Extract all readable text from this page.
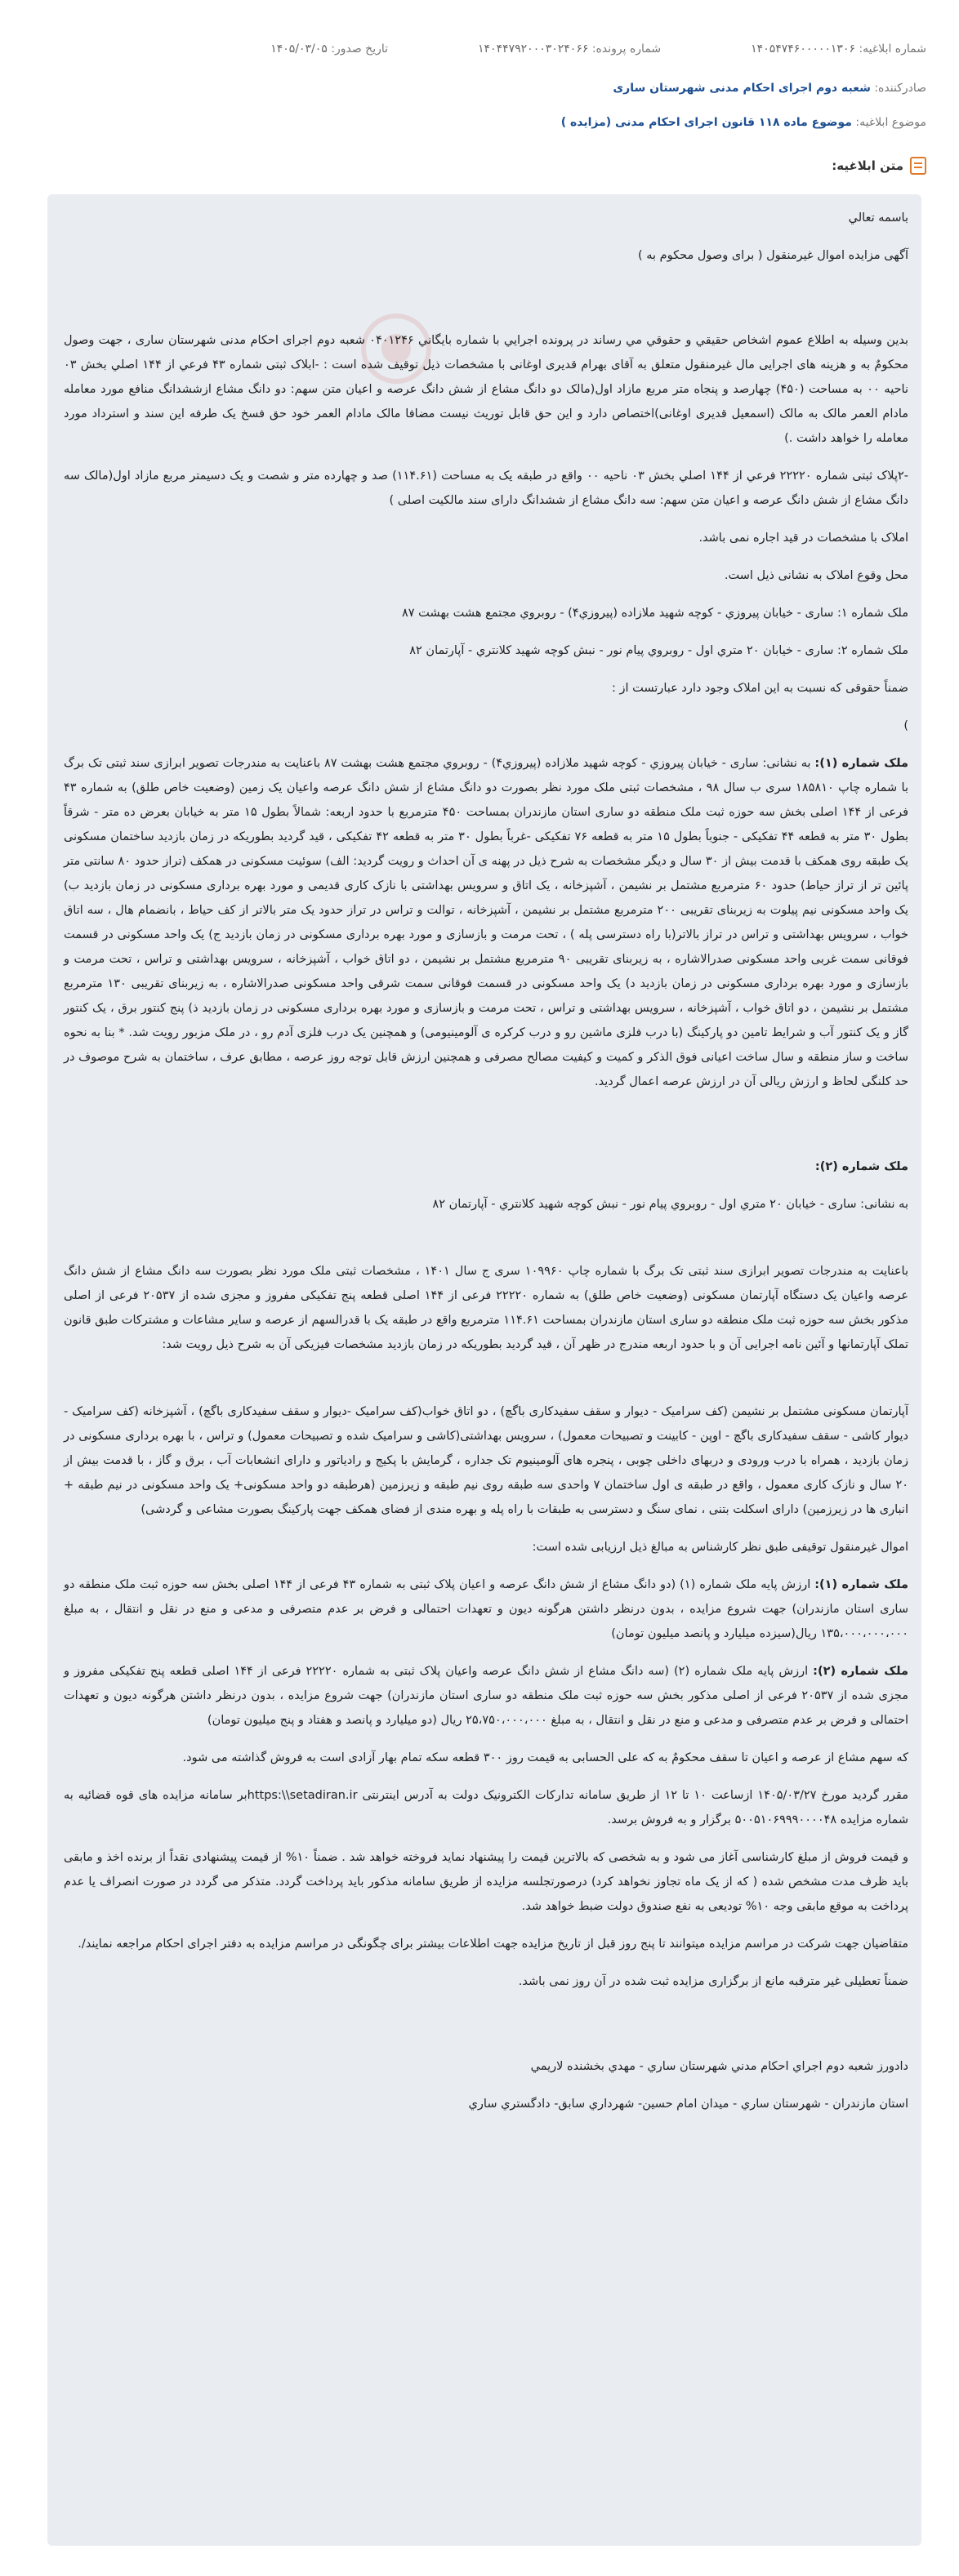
شماره ابلاغیه: ۱۴۰۵۴۷۴۶۰۰۰۰۰۱۳۰۶
شماره پرونده: ۱۴۰۴۴۷۹۲۰۰۰۳۰۲۴۰۶۶
تاریخ صدور: ۱۴۰۵/۰۳/۰۵
صادرکننده:

شعبه دوم اجرای احکام مدنی شهرستان ساری
موضوع ابلاغیه:

موضوع ماده ۱۱۸ قانون اجرای احکام مدنی (مزایده )
متن ابلاغیه:

باسمه تعالي

آگهی مزایده اموال غیرمنقول ( برای وصول محکوم به )

بدين وسيله به اطلاع عموم اشخاص حقيقي و حقوقي مي رساند در پرونده اجرايي با شماره بايگاني ۰۴۰۱۲۴۶ شعبه دوم اجرای احکام مدنی شهرستان ساری ، جهت وصول محکومٌ به و هزینه های اجرایی مال غیرمنقول متعلق به آقای بهرام قدیری اوغانی با مشخصات ذیل توقیف شده است : -ابلاک ثبتی شماره ۴۳ فرعي از ۱۴۴ اصلي بخش ۰۳ ناحيه ۰۰ به مساحت (۴۵۰) چهارصد و پنجاه متر مربع مازاد اول(مالک دو دانگ مشاع از شش دانگ عرصه و اعيان متن سهم: دو دانگ مشاع ازششدانگ منافع مورد معامله مادام العمر مالک به مالک (اسمعیل قدیری اوغانی)اختصاص دارد و این حق قابل توریث نیست مضافا مالک مادام العمر خود حق فسخ یک طرفه این سند و استرداد مورد معامله را خواهد داشت .)

-۲پلاک ثبتی شماره ۲۲۲۲۰ فرعي از ۱۴۴ اصلي بخش ۰۳ ناحيه ۰۰ واقع در طبقه يک به مساحت (۱۱۴.۶۱) صد و چهارده متر و شصت و یک دسیمتر مربع مازاد اول(مالک سه دانگ مشاع از شش دانگ عرصه و اعيان متن سهم: سه دانگ مشاع از ششدانگ دارای سند مالکیت اصلی )

املاک با مشخصات در قید اجاره نمی باشد.

محل وقوع املاک به نشانی ذیل است.

ملک شماره ۱: ساری - خيابان پيروزي - کوچه شهيد ملازاده (پيروزي۴) - روبروي مجتمع هشت بهشت ۸۷

ملک شماره ۲: ساری - خيابان ۲۰ متري اول - روبروي پيام نور - نبش کوچه شهيد کلانتري - آپارتمان ۸۲

ضمناً حقوقی که نسبت به این املاک وجود دارد عبارتست از :

)

ملک شماره (۱): به نشانی: ساری - خيابان پيروزي - کوچه شهيد ملازاده (پيروزي۴) - روبروي مجتمع هشت بهشت ۸۷ باعنایت به مندرجات تصویر ابرازی سند ثبتی تک برگ با شماره چاپ ۱۸۵۸۱۰ سری ب سال ۹۸ ، مشخصات ثبتی ملک مورد نظر بصورت دو دانگ مشاع از شش دانگ عرصه واعیان یک زمین (وضعیت خاص طلق) به شماره ۴۳ فرعی از ۱۴۴ اصلی بخش سه حوزه ثبت ملک منطقه دو ساری استان مازندران بمساحت ۴۵۰ مترمربع با حدود اربعه: شمالاً بطول ۱۵ متر به خیابان بعرض ده متر - شرقاً بطول ۳۰ متر به قطعه ۴۴ تفکیکی - جنوباً بطول ۱۵ متر به قطعه ۷۶ تفکیکی -غرباً بطول ۳۰ متر به قطعه ۴۲ تفکیکی ، قید گردید بطوریکه در زمان بازدید ساختمان مسکونی یک طبقه روی همکف با قدمت بیش از ۳۰ سال و دیگر مشخصات به شرح ذیل در پهنه ی آن احداث و رویت گردید: الف) سوئیت مسکونی در همکف (تراز حدود ۸۰ سانتی متر پائین تر از تراز حیاط) حدود ۶۰ مترمربع مشتمل بر نشیمن ، آشپزخانه ، یک اتاق و سرویس بهداشتی با نازک کاری قدیمی و مورد بهره برداری مسکونی در زمان بازدید ب) یک واحد مسکونی نیم پیلوت به زیربنای تقریبی ۲۰۰ مترمربع مشتمل بر نشیمن ، آشپزخانه ، توالت و تراس در تراز حدود یک متر بالاتر از کف حیاط ، بانضمام هال ، سه اتاق خواب ، سرویس بهداشتی و تراس در تراز بالاتر(با راه دسترسی پله ) ، تحت مرمت و بازسازی و مورد بهره برداری مسکونی در زمان بازدید ج) یک واحد مسکونی در قسمت فوقانی سمت غربی واحد مسکونی صدرالاشاره ، به زیربنای تقریبی ۹۰ مترمربع مشتمل بر نشیمن ، دو اتاق خواب ، آشپزخانه ، سرویس بهداشتی و تراس ، تحت مرمت و بازسازی و مورد بهره برداری مسکونی در زمان بازدید د) یک واحد مسکونی در قسمت فوقانی سمت شرقی واحد مسکونی صدرالاشاره ، به زیربنای تقریبی ۱۳۰ مترمربع مشتمل بر نشیمن ، دو اتاق خواب ، آشپزخانه ، سرویس بهداشتی و تراس ، تحت مرمت و بازسازی و مورد بهره برداری مسکونی در زمان بازدید ذ) پنج کنتور برق ، یک کنتور گاز و یک کنتور آب و شرایط تامین دو پارکینگ (با درب فلزی ماشین رو و درب کرکره ی آلومینیومی) و همچنین یک درب فلزی آدم رو ، در ملک مزبور رویت شد. * بنا به نحوه ساخت و ساز منطقه و سال ساخت اعیانی فوق الذکر و کمیت و کیفیت مصالح مصرفی و همچنین ارزش قابل توجه روز عرصه ، مطابق عرف ، ساختمان به شرح موصوف در حد کلنگی لحاظ و ارزش ریالی آن در ارزش عرصه اعمال گردید.

ملک شماره (۲):

به نشانی: ساری - خيابان ۲۰ متري اول - روبروي پيام نور - نبش کوچه شهيد کلانتري - آپارتمان ۸۲

باعنایت به مندرجات تصویر ابرازی سند ثبتی تک برگ با شماره چاپ ۱۰۹۹۶۰ سری ج سال ۱۴۰۱ ، مشخصات ثبتی ملک مورد نظر بصورت سه دانگ مشاع از شش دانگ عرصه واعیان یک دستگاه آپارتمان مسکونی (وضعیت خاص طلق) به شماره ۲۲۲۲۰ فرعی از ۱۴۴ اصلی قطعه پنج تفکیکی مفروز و مجزی شده از ۲۰۵۳۷ فرعی از اصلی مذکور بخش سه حوزه ثبت ملک منطقه دو ساری استان مازندران بمساحت ۱۱۴.۶۱ مترمربع واقع در طبقه یک با قدرالسهم از عرصه و سایر مشاعات و مشترکات طبق قانون تملک آپارتمانها و آئین نامه اجرایی آن و با حدود اربعه مندرج در ظهر آن ، قید گردید بطوریکه در زمان بازدید مشخصات فیزیکی آن به شرح ذیل رویت شد:

آپارتمان مسکونی مشتمل بر نشیمن (کف سرامیک - دیوار و سقف سفیدکاری باگچ) ، دو اتاق خواب(کف سرامیک -دیوار و سقف سفیدکاری باگچ) ، آشپزخانه (کف سرامیک - دیوار کاشی - سقف سفیدکاری باگچ - اوپن - کابینت و تصبیحات معمول) ، سرویس بهداشتی(کاشی و سرامیک شده و تصبیحات معمول) و تراس ، با بهره برداری مسکونی در زمان بازدید ، همراه با درب ورودی و دربهای داخلی چوبی ، پنجره های آلومینیوم تک جداره ، گرمایش با پکیج و رادیاتور و دارای انشعابات آب ، برق و گاز ، با قدمت بیش از ۲۰ سال و نازک کاری معمول ، واقع در طبقه ی اول ساختمان ۷ واحدی سه طبقه روی نیم طبقه و زیرزمین (هرطبقه دو واحد مسکونی+ یک واحد مسکونی در نیم طبقه + انباری ها در زیرزمین) دارای اسکلت بتنی ، نمای سنگ و دسترسی به طبقات با راه پله و بهره مندی از فضای همکف جهت پارکینگ بصورت مشاعی و گردشی)

اموال غیرمنقول توقیفی طبق نظر کارشناس به مبالغ ذیل ارزیابی شده است:

ملک شماره (۱): ارزش پایه ملک شماره (۱) (دو دانگ مشاع از شش دانگ عرصه و اعیان پلاک ثبتی به شماره ۴۳ فرعی از ۱۴۴ اصلی بخش سه حوزه ثبت ملک منطقه دو ساری استان مازندران) جهت شروع مزایده ، بدون درنظر داشتن هرگونه دیون و تعهدات احتمالی و فرض بر عدم متصرفی و مدعی و منع در نقل و انتقال ، به مبلغ ۱۳۵،۰۰۰،۰۰۰،۰۰۰ ریال(سیزده میلیارد و پانصد میلیون تومان)

ملک شماره (۲): ارزش پایه ملک شماره (۲) (سه دانگ مشاع از شش دانگ عرصه واعیان پلاک ثبتی به شماره ۲۲۲۲۰ فرعی از ۱۴۴ اصلی قطعه پنج تفکیکی مفروز و مجزی شده از ۲۰۵۳۷ فرعی از اصلی مذکور بخش سه حوزه ثبت ملک منطقه دو ساری استان مازندران) جهت شروع مزایده ، بدون درنظر داشتن هرگونه دیون و تعهدات احتمالی و فرض بر عدم متصرفی و مدعی و منع در نقل و انتقال ، به مبلغ ۲۵،۷۵۰،۰۰۰،۰۰۰ ریال (دو میلیارد و پانصد و هفتاد و پنج میلیون تومان)

که سهم مشاع از عرصه و اعیان تا سقف محکومٌ به که علی الحسابی به قیمت روز ۳۰۰ قطعه سکه تمام بهار آزادی است به فروش گذاشته می شود.

مقرر گردید مورخ ۱۴۰۵/۰۳/۲۷ ازساعت ۱۰ تا ۱۲ از طریق سامانه تدارکات الکترونیک دولت به آدرس اینترنتی https:\\setadiran.irبر سامانه مزایده های قوه قضائیه به شماره مزایده ۵۰۰۵۱۰۶۹۹۹۰۰۰۰۴۸ برگزار و به فروش برسد.

و قیمت فروش از مبلغ کارشناسی آغاز می شود و به شخصی که بالاترین قیمت را پیشنهاد نماید فروخته خواهد شد . ضمناً ۱۰% از قیمت پیشنهادی نقداً از برنده اخذ و مابقی باید ظرف مدت مشخص شده ( که از یک ماه تجاوز نخواهد کرد) درصورتجلسه مزایده از طریق سامانه مذکور باید پرداخت گردد. متذکر می گردد در صورت انصراف یا عدم پرداخت به موقع مابقی وجه ۱۰% تودیعی به نفع صندوق دولت ضبط خواهد شد.

متقاضیان جهت شرکت در مراسم مزایده میتوانند تا پنج روز قبل از تاریخ مزایده جهت اطلاعات بیشتر برای چگونگی در مراسم مزایده به دفتر اجرای احکام مراجعه نمایند/.

ضمناً تعطیلی غیر مترقبه مانع از برگزاری مزایده ثبت شده در آن روز نمی باشد.

دادورز شعبه دوم اجراي احكام مدني شهرستان ساري - مهدي بخشنده لاريمي

استان مازندران - شهرستان ساري - ميدان امام حسين- شهرداري سابق- دادگستري ساري
